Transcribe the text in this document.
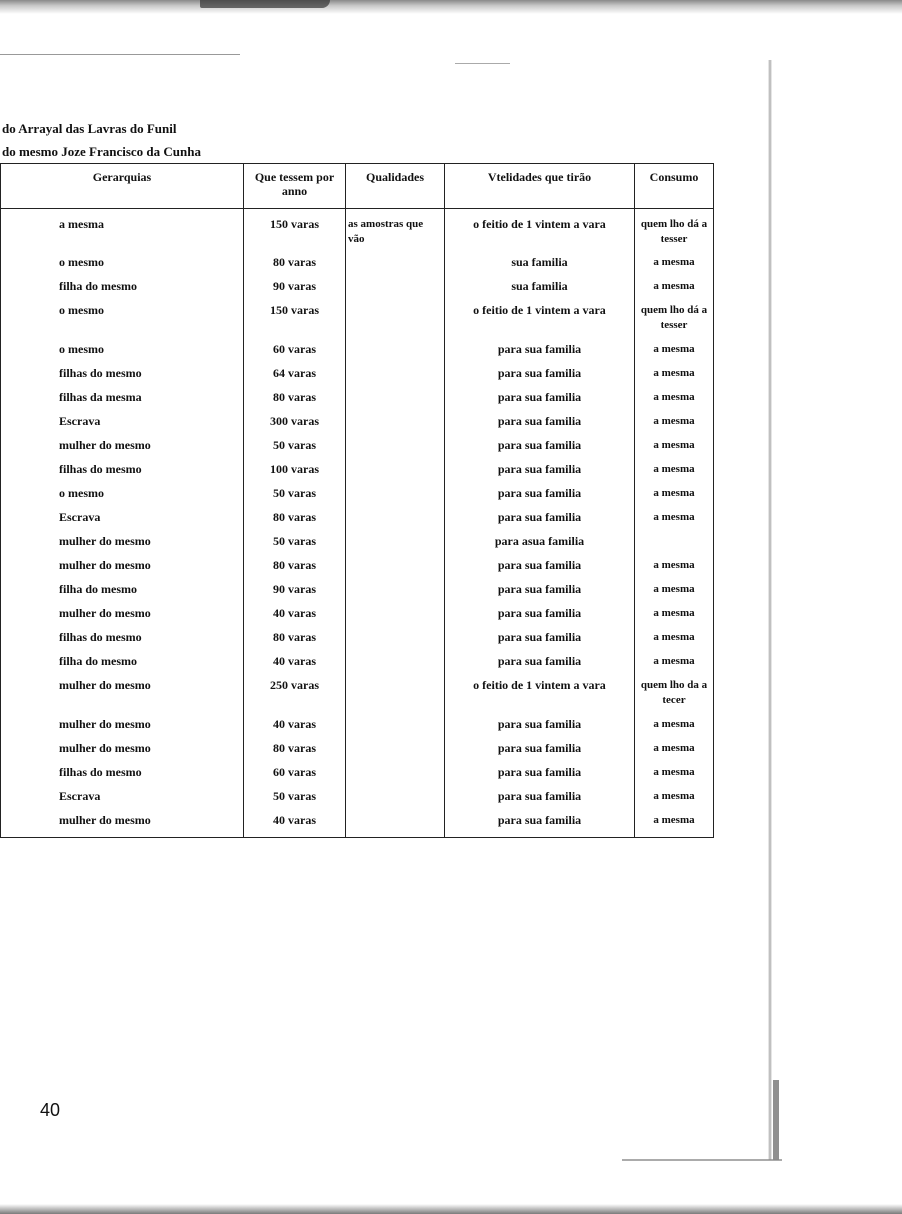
do Arrayal das Lavras do Funil
do mesmo Joze Francisco da Cunha
Gerarquias	Que tessem por anno	Qualidades	Vtelidades que tirão	Consumo
a mesma	150 varas	as amostras que vão	o feitio de 1 vintem a vara	quem lho dá a tesser
o mesmo	80 varas		sua familia	a mesma
filha do mesmo	90 varas		sua familia	a mesma
o mesmo	150 varas		o feitio de 1 vintem a vara	quem lho dá a tesser
o mesmo	60 varas		para sua familia	a mesma
filhas do mesmo	64 varas		para sua familia	a mesma
filhas da mesma	80 varas		para sua familia	a mesma
Escrava	300 varas		para sua familia	a mesma
mulher do mesmo	50 varas		para sua familia	a mesma
filhas do mesmo	100 varas		para sua familia	a mesma
o mesmo	50 varas		para sua familia	a mesma
Escrava	80 varas		para sua familia	a mesma
mulher do mesmo	50 varas		para asua familia	
mulher do mesmo	80 varas		para sua familia	a mesma
filha do mesmo	90 varas		para sua familia	a mesma
mulher do mesmo	40 varas		para sua familia	a mesma
filhas do mesmo	80 varas		para sua familia	a mesma
filha do mesmo	40 varas		para sua familia	a mesma
mulher do mesmo	250 varas		o feitio de 1 vintem a vara	quem lho da a tecer
mulher do mesmo	40 varas		para sua familia	a mesma
mulher do mesmo	80 varas		para sua familia	a mesma
filhas do mesmo	60 varas		para sua familia	a mesma
Escrava	50 varas		para sua familia	a mesma
mulher do mesmo	40 varas		para sua familia	a mesma
40
